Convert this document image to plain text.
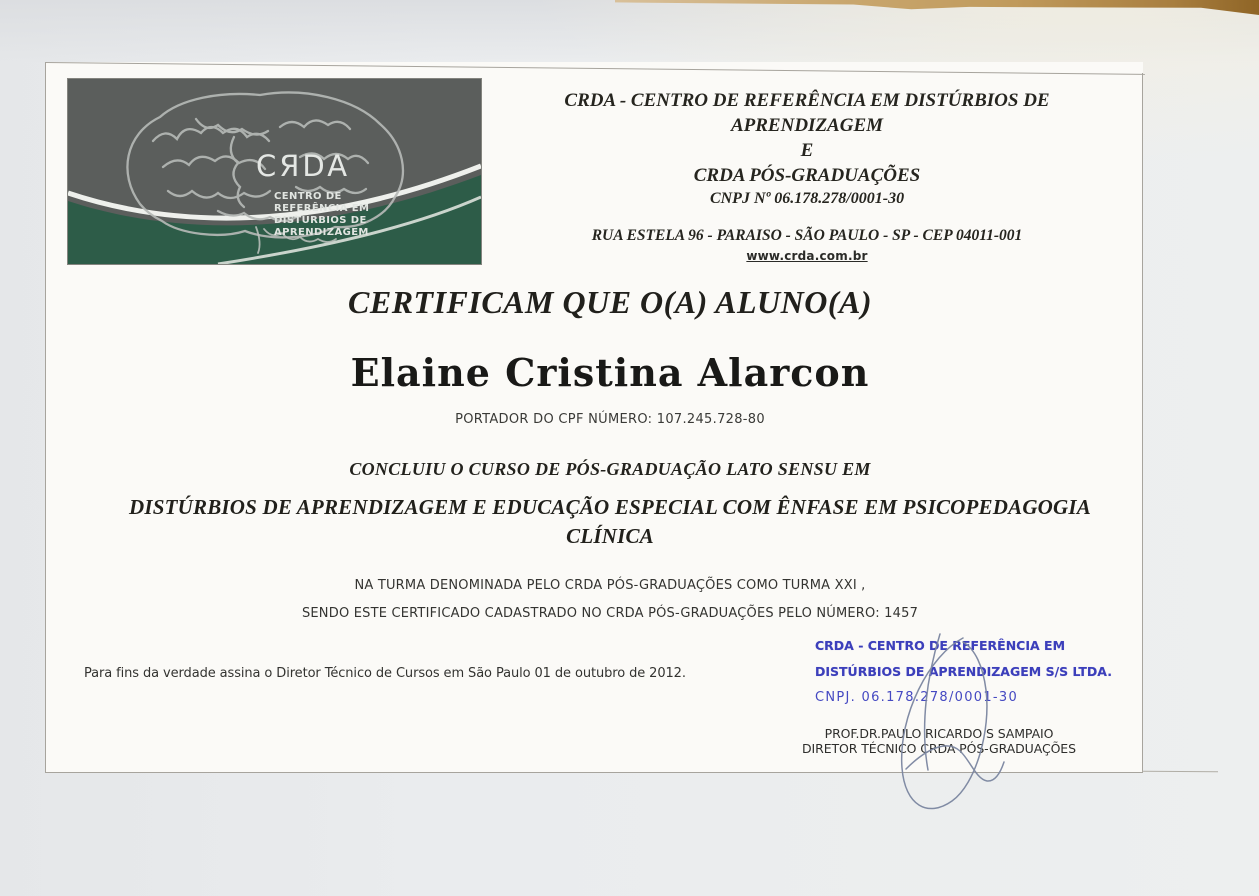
CЯDA
CENTRO DE
REFERÊNCIA EM
DISTURBIOS DE
APRENDIZAGEM
CRDA - CENTRO DE REFERÊNCIA EM DISTÚRBIOS DE
APRENDIZAGEM
E
CRDA PÓS-GRADUAÇÕES
CNPJ Nº 06.178.278/0001-30
RUA ESTELA 96 - PARAISO - SÃO PAULO - SP - CEP 04011-001
www.crda.com.br
CERTIFICAM QUE O(A) ALUNO(A)
Elaine Cristina Alarcon
PORTADOR DO CPF NÚMERO: 107.245.728-80
CONCLUIU O CURSO DE PÓS-GRADUAÇÃO LATO SENSU EM
DISTÚRBIOS DE APRENDIZAGEM E EDUCAÇÃO ESPECIAL COM ÊNFASE EM PSICOPEDAGOGIA
CLÍNICA
NA TURMA DENOMINADA PELO CRDA PÓS-GRADUAÇÕES COMO TURMA XXI ,
SENDO ESTE CERTIFICADO CADASTRADO NO CRDA PÓS-GRADUAÇÕES PELO NÚMERO: 1457
Para fins da verdade assina o Diretor Técnico de Cursos em São Paulo 01 de outubro de 2012.
CRDA - CENTRO DE REFERÊNCIA EM
DISTÚRBIOS DE APRENDIZAGEM S/S LTDA.
CNPJ. 06.178.278/0001-30
PROF.DR.PAULO RICARDO S SAMPAIO
DIRETOR TÉCNICO CRDA PÓS-GRADUAÇÕES
